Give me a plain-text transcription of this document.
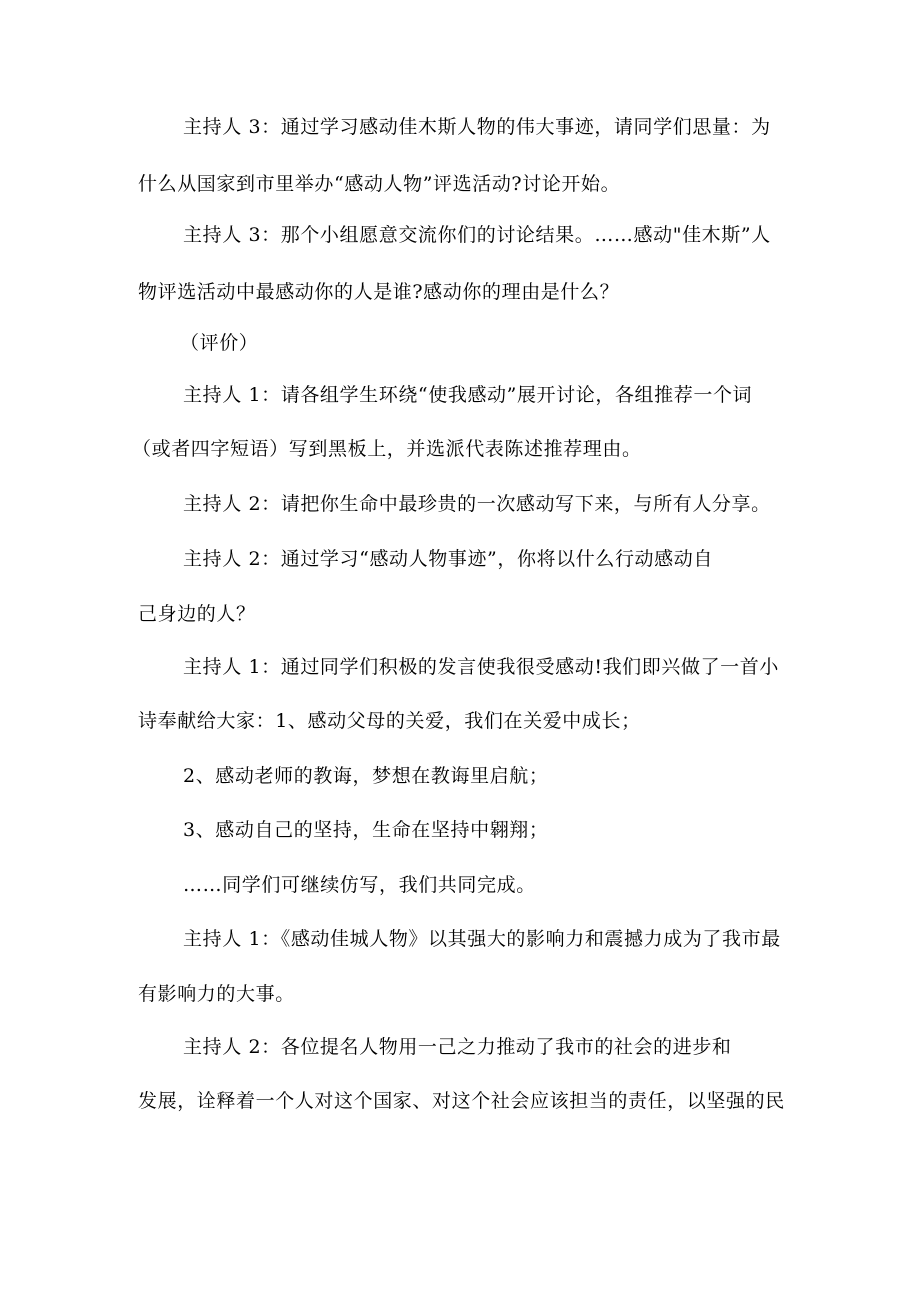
主持人 3：通过学习感动佳木斯人物的伟大事迹，请同学们思量：为
什么从国家到市里举办“感动人物”评选活动?讨论开始。
主持人 3：那个小组愿意交流你们的讨论结果。……感动"佳木斯”人
物评选活动中最感动你的人是谁?感动你的理由是什么？
（评价）
主持人 1：请各组学生环绕“使我感动”展开讨论，各组推荐一个词
（或者四字短语）写到黑板上，并选派代表陈述推荐理由。
主持人 2：请把你生命中最珍贵的一次感动写下来，与所有人分享。
主持人 2：通过学习“感动人物事迹”，你将以什么行动感动自
己身边的人？
主持人 1：通过同学们积极的发言使我很受感动!我们即兴做了一首小
诗奉献给大家：1、感动父母的关爱，我们在关爱中成长；
2、感动老师的教诲，梦想在教诲里启航；
3、感动自己的坚持，生命在坚持中翱翔；
……同学们可继续仿写，我们共同完成。
主持人 1：《感动佳城人物》以其强大的影响力和震撼力成为了我市最
有影响力的大事。
主持人 2：各位提名人物用一己之力推动了我市的社会的进步和
发展，诠释着一个人对这个国家、对这个社会应该担当的责任，以坚强的民
